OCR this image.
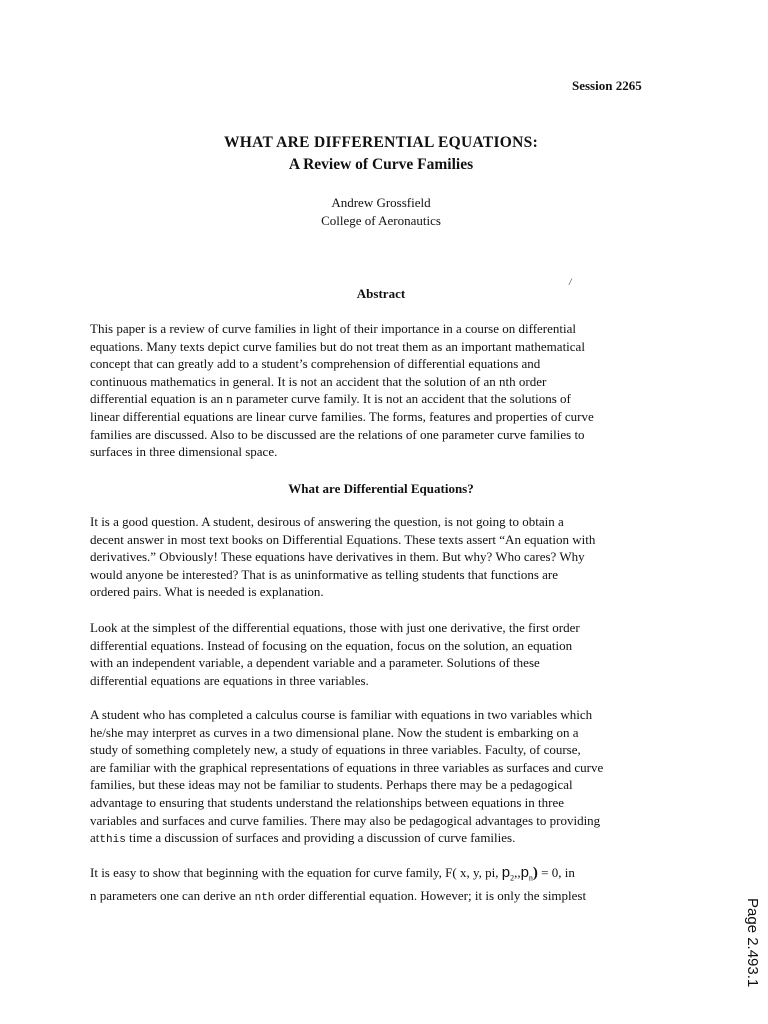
Session 2265
WHAT ARE DIFFERENTIAL EQUATIONS:
A Review of Curve Families
Andrew Grossfield
College of Aeronautics
/
Abstract
This paper is a review of curve families in light of their importance in a course on differential
equations. Many texts depict curve families but do not treat them as an important mathematical
concept that can greatly add to a student’s comprehension of differential equations and
continuous mathematics in general. It is not an accident that the solution of an nth order
differential equation is an n parameter curve family. It is not an accident that the solutions of
linear differential equations are linear curve families. The forms, features and properties of curve
families are discussed. Also to be discussed are the relations of one parameter curve families to
surfaces in three dimensional space.
What are Differential Equations?
It is a good question. A student, desirous of answering the question, is not going to obtain a
decent answer in most text books on Differential Equations. These texts assert “An equation with
derivatives.” Obviously! These equations have derivatives in them. But why? Who cares? Why
would anyone be interested? That is as uninformative as telling students that functions are
ordered pairs. What is needed is explanation.
Look at the simplest of the differential equations, those with just one derivative, the first order
differential equations. Instead of focusing on the equation, focus on the solution, an equation
with an independent variable, a dependent variable and a parameter. Solutions of these
differential equations are equations in three variables.
A student who has completed a calculus course is familiar with equations in two variables which
he/she may interpret as curves in a two dimensional plane. Now the student is embarking on a
study of something completely new, a study of equations in three variables. Faculty, of course,
are familiar with the graphical representations of equations in three variables as surfaces and curve
families, but these ideas may not be familiar to students. Perhaps there may be a pedagogical
advantage to ensuring that students understand the relationships between equations in three
variables and surfaces and curve families. There may also be pedagogical advantages to providing
atthis time a discussion of surfaces and providing a discussion of curve families.
It is easy to show that beginning with the equation for curve family, F( x, y, pi, $p_2,,p_n) = 0$, in
n parameters one can derive an nth order differential equation. However; it is only the simplest
Page 2.493.1
